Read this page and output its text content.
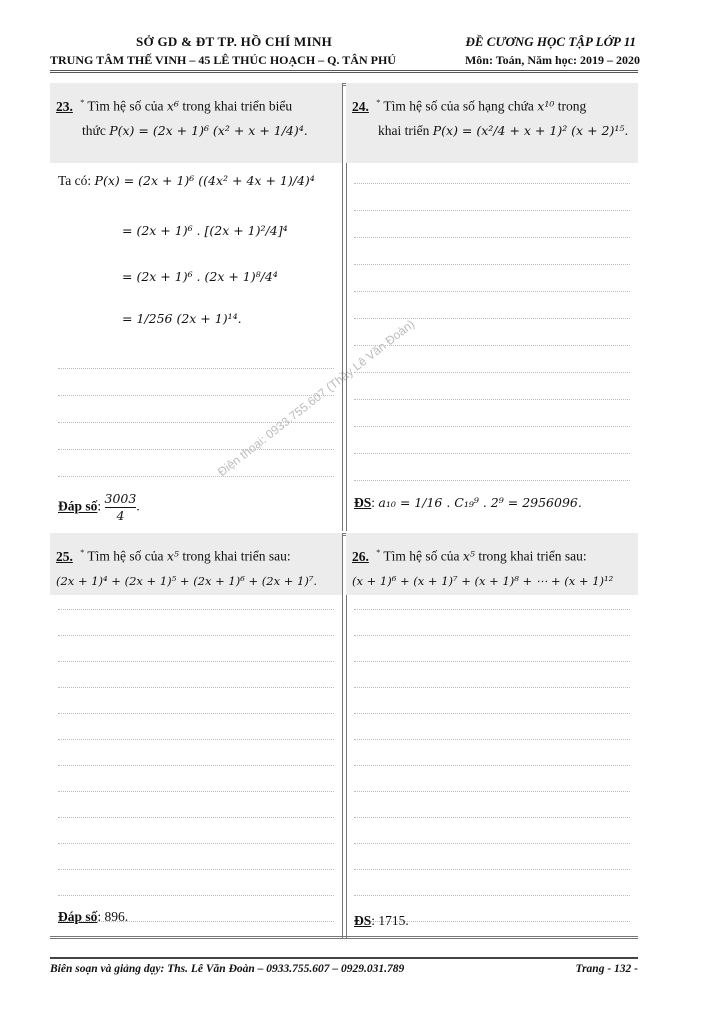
SỞ GD & ĐT TP. HỒ CHÍ MINH	ĐỀ CƯƠNG HỌC TẬP LỚP 11
TRUNG TÂM THẾ VINH – 45 LÊ THÚC HOẠCH – Q. TÂN PHÚ	Môn: Toán, Năm học: 2019 – 2020
Điện thoại: 0933.755.607 (Thầy Lê Văn Đoàn)
23. * Tìm hệ số của x⁶ trong khai triển biểu
thức P(x) = (2x + 1)⁶ (x² + x + 1/4)⁴.
Ta có: P(x) = (2x + 1)⁶ ((4x² + 4x + 1)/4)⁴
= (2x + 1)⁶ . [(2x + 1)²/4]⁴
= (2x + 1)⁶ . (2x + 1)⁸/4⁴
= 1/256 (2x + 1)¹⁴.
Đáp số: $\frac{3003}{4}$ .
24. * Tìm hệ số của số hạng chứa x¹⁰ trong
khai triển P(x) = (x²/4 + x + 1)² (x + 2)¹⁵.
ĐS: a₁₀ = 1/16 . C₁₉⁹ . 2⁹ = 2956096.
25. * Tìm hệ số của x⁵ trong khai triển sau:
(2x + 1)⁴ + (2x + 1)⁵ + (2x + 1)⁶ + (2x + 1)⁷.
Đáp số: 896.
26. * Tìm hệ số của x⁵ trong khai triển sau:
(x + 1)⁶ + (x + 1)⁷ + (x + 1)⁸ + ⋯ + (x + 1)¹²
ĐS: 1715.
Biên soạn và giảng dạy: Ths. Lê Văn Đoàn – 0933.755.607 – 0929.031.789	Trang - 132 -
